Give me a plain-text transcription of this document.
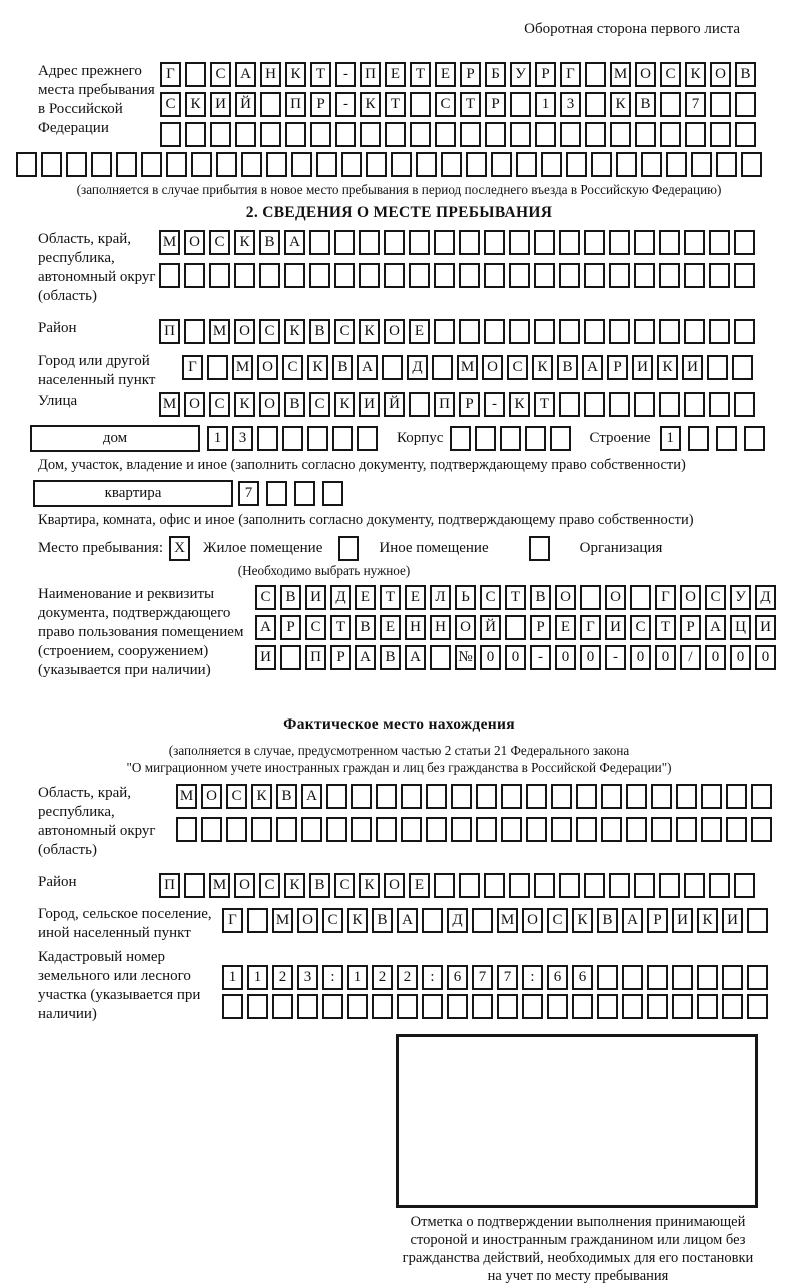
Оборотная сторона первого листа
Адрес прежнего места пребывания в Российской Федерации
Г	С А Н К	Т	-	П Е	Т	Е	Р	Б	У	Р	Г	М О С К О В
С К И Й	П	Р	-	К	Т	С	Т	Р	1	3	К В	7
(заполняется в случае прибытия в новое место пребывания в период последнего въезда в Российскую Федерацию)
2. СВЕДЕНИЯ О МЕСТЕ ПРЕБЫВАНИЯ
Область, край, республика, автономный округ (область)
М О С К В А
Район	П	М О С К В С К О Е
Город или другой населенный пункт
Г	М О С К В А	Д	М О С К В А	Р	И К И
Улица	М О С К О В С К И Й	П	Р	-	К	Т
дом	1	3	Корпус	Строение	1
Дом, участок, владение и иное (заполнить согласно документу, подтверждающему право собственности)
квартира	7
Квартира, комната, офис и иное (заполнить согласно документу, подтверждающему право собственности)
Место пребывания: X	Жилое помещение	Иное помещение	Организация
(Необходимо выбрать нужное)
Наименование и реквизиты документа, подтверждающего право пользования помещением (строением, сооружением) (указывается при наличии)
С В И Д	Е	Т	Е	Л	Ь	С	Т	В О	О	Г	О С У Д
А	Р	С	Т	В	Е	Н Н О Й	Р	Е	Г	И С	Т	Р	А Ц И
И	П	Р	А В А	№ 0	0	-	0	0	-	0	0	/	0	0	0
Фактическое место нахождения
(заполняется в случае, предусмотренном частью 2 статьи 21 Федерального закона
"О миграционном учете иностранных граждан и лиц без гражданства в Российской Федерации")
Область, край, республика, автономный округ (область)
М О С К В А
Район	П	М О С К В С К О Е
Город, сельское поселение, иной населенный пункт
Г	М О С К В А	Д	М О С К В А	Р	И К И
Кадастровый номер земельного или лесного участка (указывается при наличии)
1	1	2	3	:	1	2	2	:	6	7	7	:	6	6
Отметка о подтверждении выполнения принимающей
стороной и иностранным гражданином или лицом без
гражданства действий, необходимых для его постановки
на учет по месту пребывания
